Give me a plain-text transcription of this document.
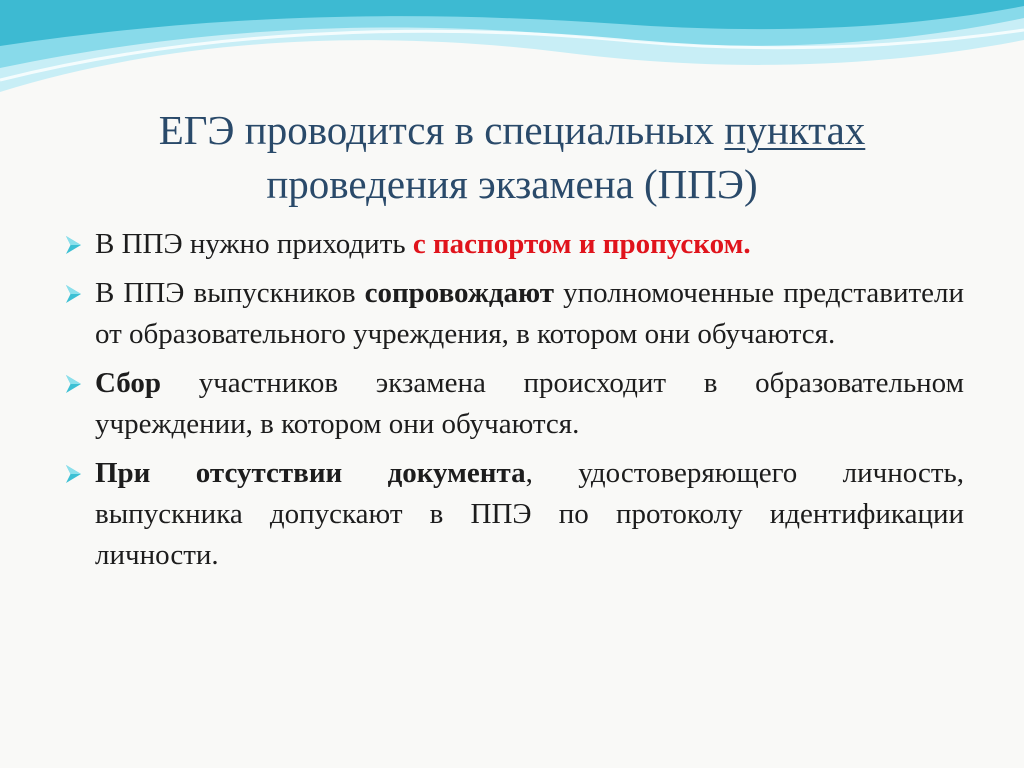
ЕГЭ проводится в специальных пунктах
проведения экзамена (ППЭ)
В ППЭ нужно приходить с паспортом и пропуском.
В ППЭ выпускников сопровождают уполномоченные представители от образовательного учреждения, в котором они обучаются.
Сбор участников экзамена происходит в образовательном учреждении, в котором они обучаются.
При отсутствии документа, удостоверяющего личность, выпускника допускают в ППЭ по протоколу идентификации личности.
